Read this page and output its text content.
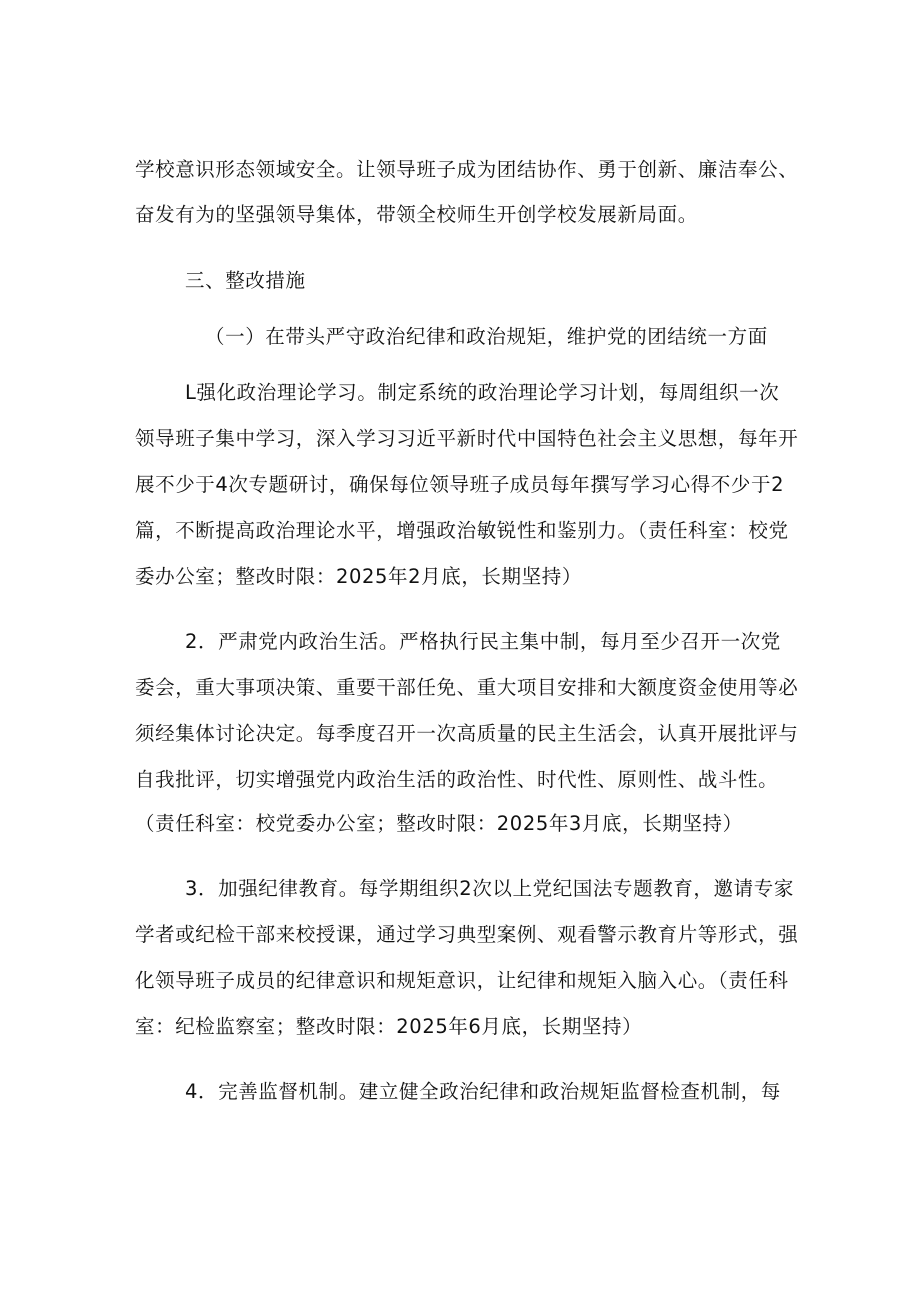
学校意识形态领域安全。让领导班子成为团结协作、勇于创新、廉洁奉公、
奋发有为的坚强领导集体，带领全校师生开创学校发展新局面。
三、整改措施
（一）在带头严守政治纪律和政治规矩，维护党的团结统一方面
L强化政治理论学习。制定系统的政治理论学习计划，每周组织一次
领导班子集中学习，深入学习习近平新时代中国特色社会主义思想，每年开
展不少于4次专题研讨，确保每位领导班子成员每年撰写学习心得不少于2
篇，不断提高政治理论水平，增强政治敏锐性和鉴别力。（责任科室：校党
委办公室；整改时限：2025年2月底，长期坚持）
2．严肃党内政治生活。严格执行民主集中制，每月至少召开一次党
委会，重大事项决策、重要干部任免、重大项目安排和大额度资金使用等必
须经集体讨论决定。每季度召开一次高质量的民主生活会，认真开展批评与
自我批评，切实增强党内政治生活的政治性、时代性、原则性、战斗性。
（责任科室：校党委办公室；整改时限：2025年3月底，长期坚持）
3．加强纪律教育。每学期组织2次以上党纪国法专题教育，邀请专家
学者或纪检干部来校授课，通过学习典型案例、观看警示教育片等形式，强
化领导班子成员的纪律意识和规矩意识，让纪律和规矩入脑入心。（责任科
室：纪检监察室；整改时限：2025年6月底，长期坚持）
4．完善监督机制。建立健全政治纪律和政治规矩监督检查机制，每
